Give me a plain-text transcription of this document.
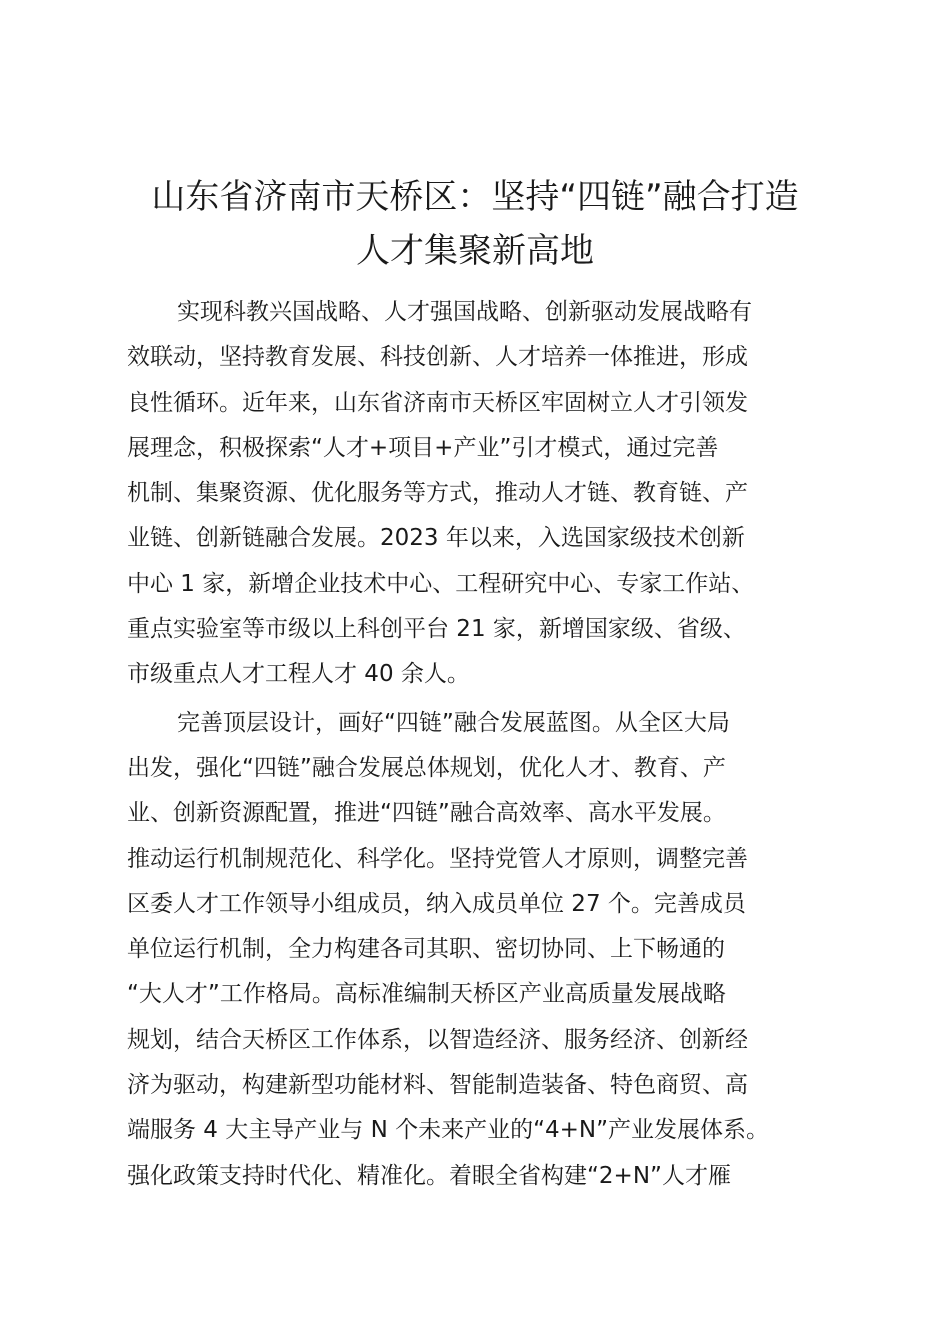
山东省济南市天桥区：坚持“四链”融合打造
人才集聚新高地
实现科教兴国战略、人才强国战略、创新驱动发展战略有
效联动，坚持教育发展、科技创新、人才培养一体推进，形成
良性循环。近年来，山东省济南市天桥区牢固树立人才引领发
展理念，积极探索“人才+项目+产业”引才模式，通过完善
机制、集聚资源、优化服务等方式，推动人才链、教育链、产
业链、创新链融合发展。2023 年以来，入选国家级技术创新
中心 1 家，新增企业技术中心、工程研究中心、专家工作站、
重点实验室等市级以上科创平台 21 家，新增国家级、省级、
市级重点人才工程人才 40 余人。
完善顶层设计，画好“四链”融合发展蓝图。从全区大局
出发，强化“四链”融合发展总体规划，优化人才、教育、产
业、创新资源配置，推进“四链”融合高效率、高水平发展。
推动运行机制规范化、科学化。坚持党管人才原则，调整完善
区委人才工作领导小组成员，纳入成员单位 27 个。完善成员
单位运行机制，全力构建各司其职、密切协同、上下畅通的
“大人才”工作格局。高标准编制天桥区产业高质量发展战略
规划，结合天桥区工作体系，以智造经济、服务经济、创新经
济为驱动，构建新型功能材料、智能制造装备、特色商贸、高
端服务 4 大主导产业与 N 个未来产业的“4+N”产业发展体系。
强化政策支持时代化、精准化。着眼全省构建“2+N”人才雁
